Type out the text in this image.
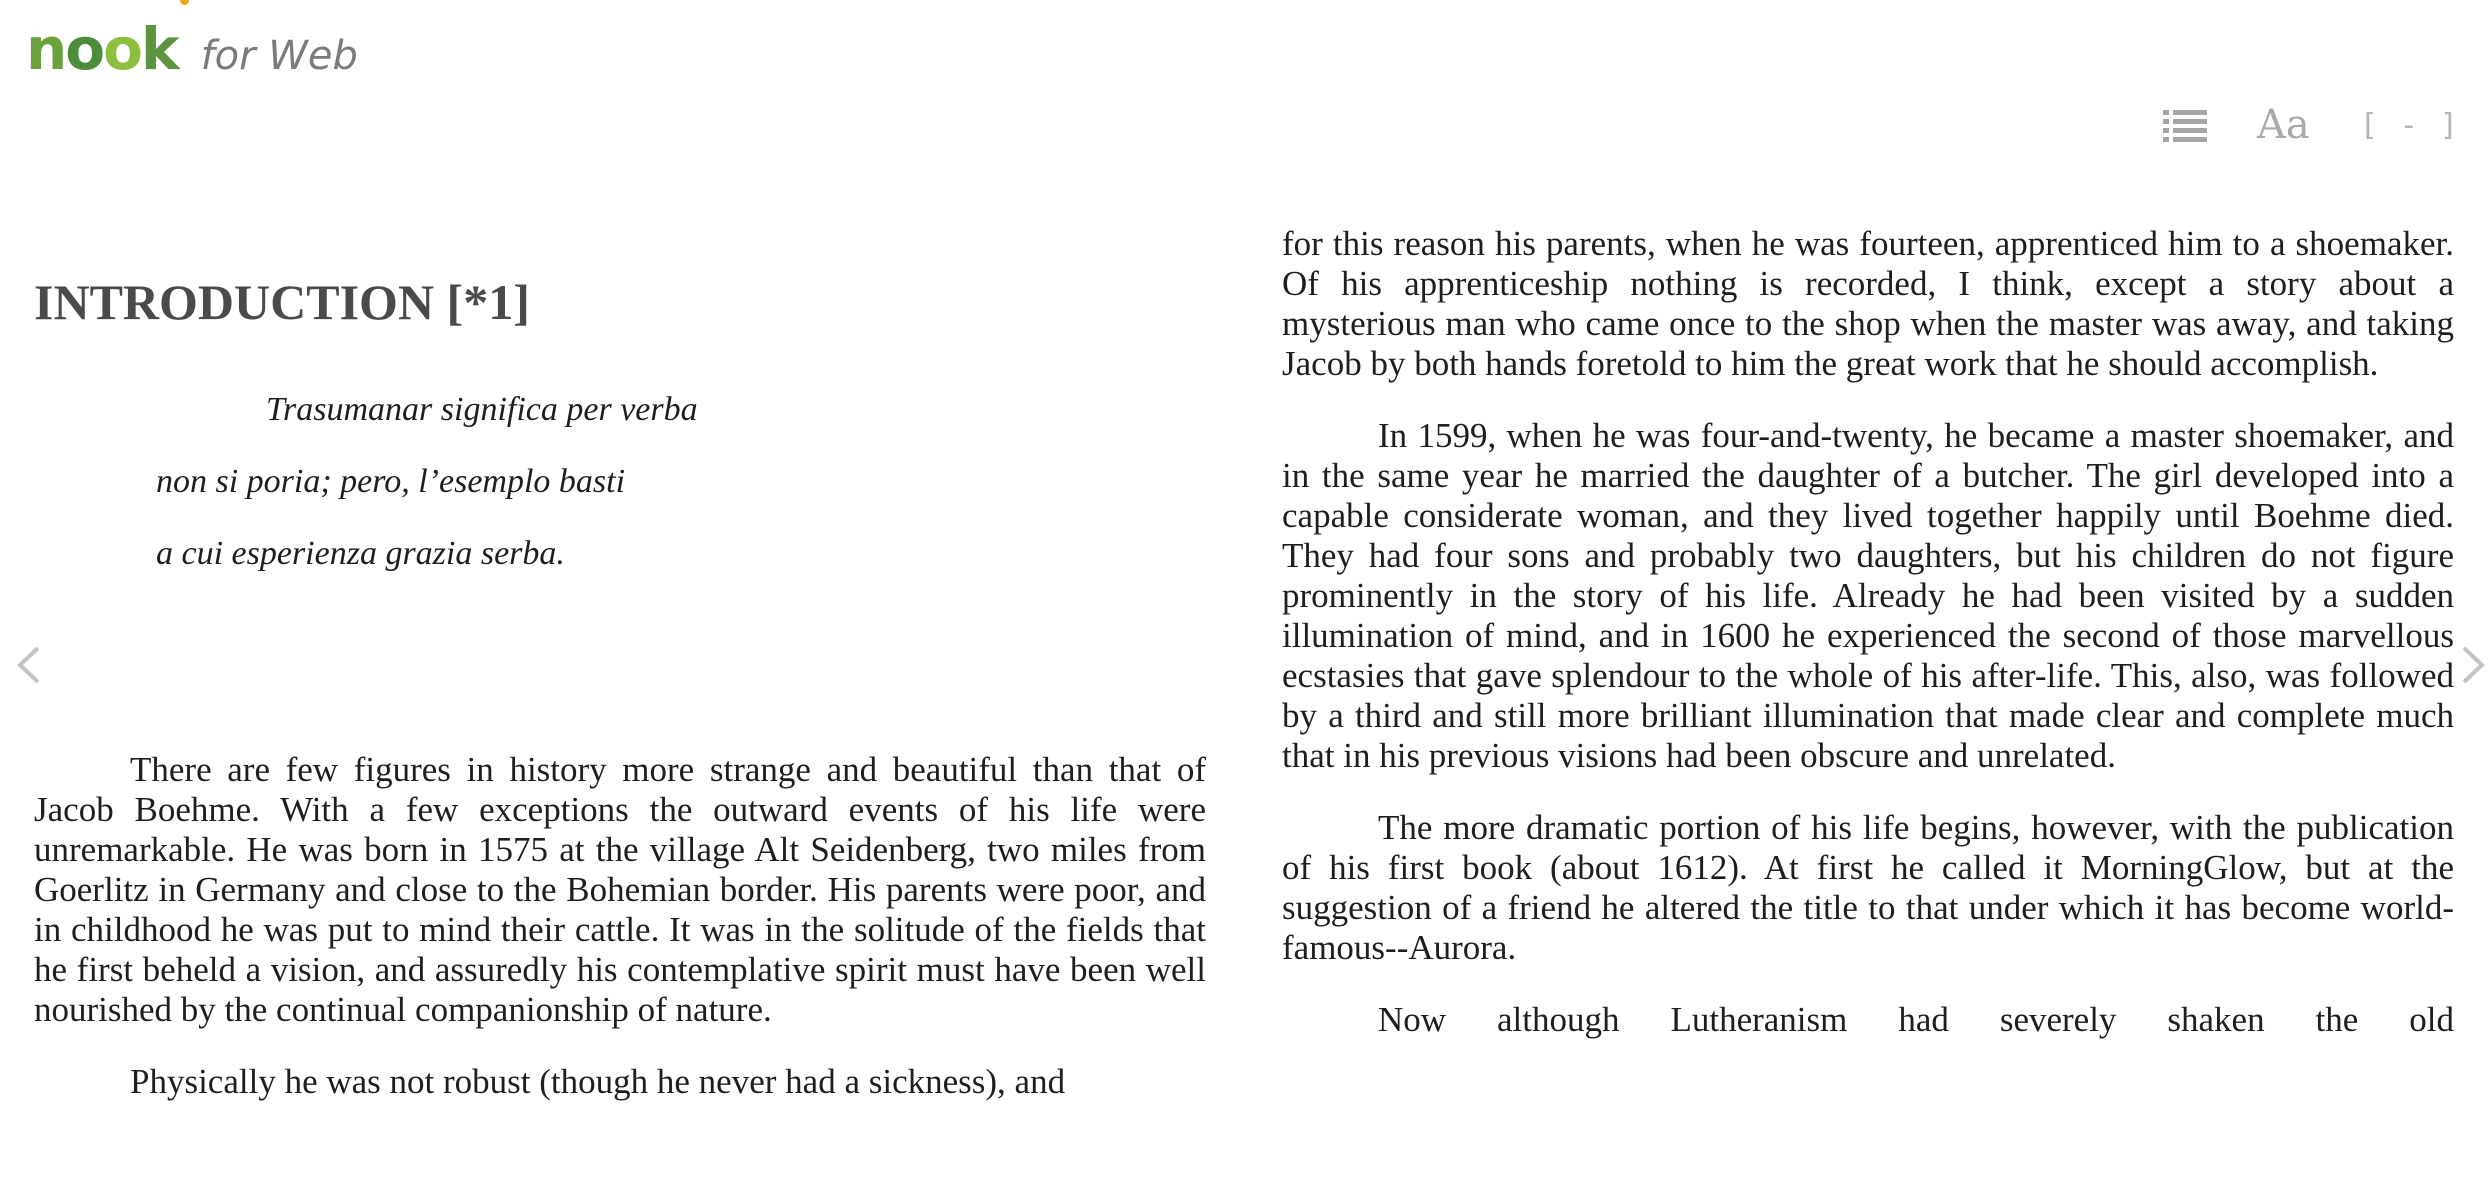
nook for Web
Aa [ - ]
INTRODUCTION [*1]

Trasumanar significa per verba

non si poria; pero, l’esemplo basti

a cui esperienza grazia serba.

There are few figures in history more strange and beautiful than that of Jacob Boehme. With a few exceptions the outward events of his life were unremarkable. He was born in 1575 at the village Alt Seidenberg, two miles from Goerlitz in Germany and close to the Bohemian border. His parents were poor, and in childhood he was put to mind their cattle. It was in the solitude of the fields that he first beheld a vision, and assuredly his contemplative spirit must have been well nourished by the continual companionship of nature.

Physically he was not robust (though he never had a sickness), and

for this reason his parents, when he was fourteen, apprenticed him to a shoemaker. Of his apprenticeship nothing is recorded, I think, except a story about a mysterious man who came once to the shop when the master was away, and taking Jacob by both hands foretold to him the great work that he should accomplish.

In 1599, when he was four-and-twenty, he became a master shoemaker, and in the same year he married the daughter of a butcher. The girl developed into a capable considerate woman, and they lived together happily until Boehme died. They had four sons and probably two daughters, but his children do not figure prominently in the story of his life. Already he had been visited by a sudden illumination of mind, and in 1600 he experienced the second of those marvellous ecstasies that gave splendour to the whole of his after-life. This, also, was followed by a third and still more brilliant illumination that made clear and complete much that in his previous visions had been obscure and unrelated.

The more dramatic portion of his life begins, however, with the publication of his first book (about 1612). At first he called it MorningGlow, but at the suggestion of a friend he altered the title to that under which it has become world-famous--Aurora.

Now although Lutheranism had severely shaken the old
